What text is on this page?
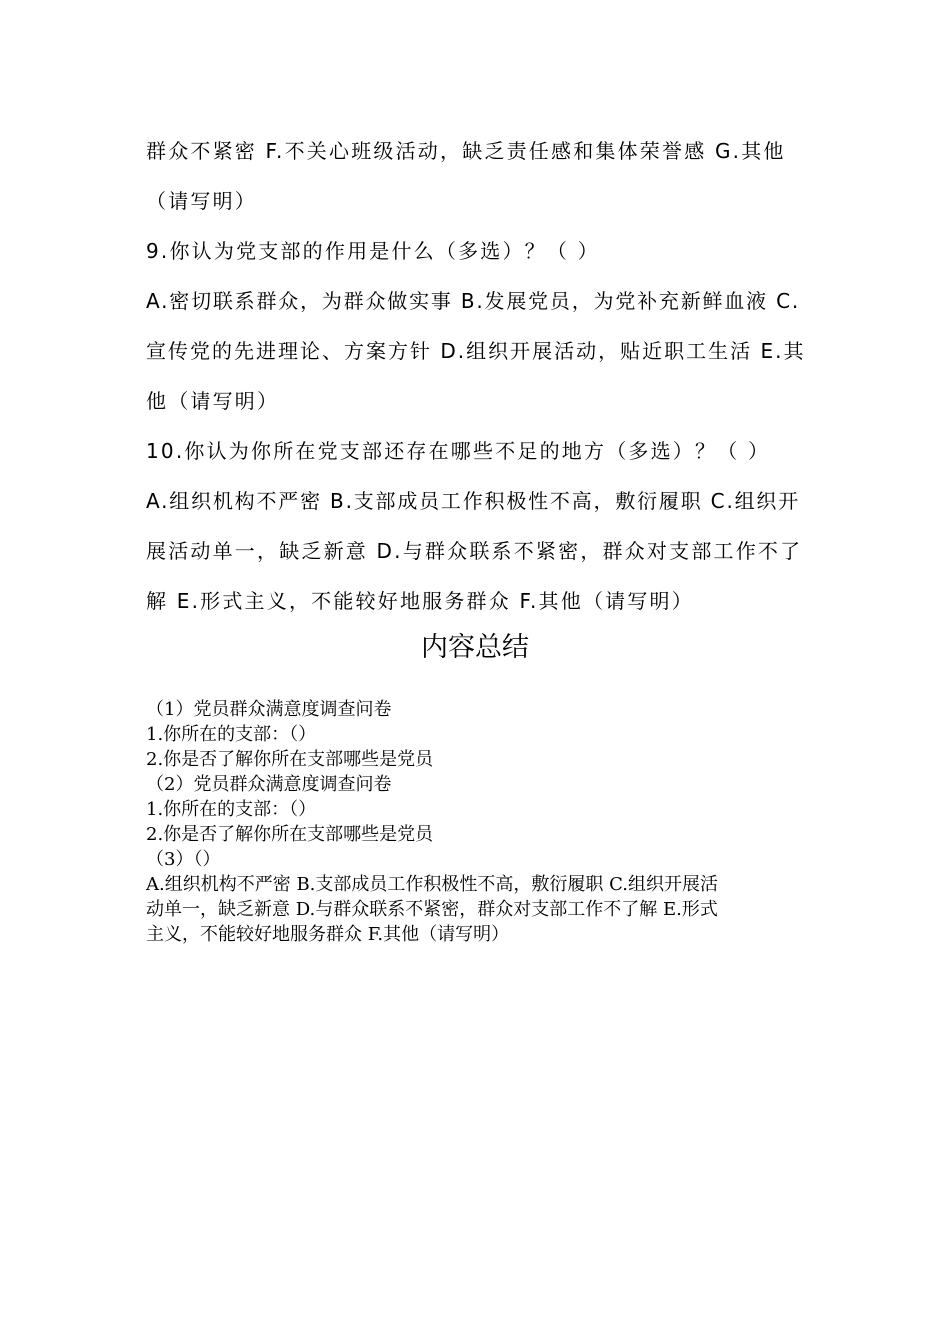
群众不紧密 F.不关心班级活动，缺乏责任感和集体荣誉感 G.其他
（请写明）
9.你认为党支部的作用是什么（多选）？（ ）
A.密切联系群众，为群众做实事 B.发展党员，为党补充新鲜血液 C.
宣传党的先进理论、方案方针 D.组织开展活动，贴近职工生活 E.其
他（请写明）
10.你认为你所在党支部还存在哪些不足的地方（多选）？（ ）
A.组织机构不严密 B.支部成员工作积极性不高，敷衍履职 C.组织开
展活动单一，缺乏新意 D.与群众联系不紧密，群众对支部工作不了
解 E.形式主义，不能较好地服务群众 F.其他（请写明）
内容总结
（1）党员群众满意度调查问卷
1.你所在的支部：（）
2.你是否了解你所在支部哪些是党员
（2）党员群众满意度调查问卷
1.你所在的支部：（）
2.你是否了解你所在支部哪些是党员
（3）（）
A.组织机构不严密 B.支部成员工作积极性不高，敷衍履职 C.组织开展活
动单一，缺乏新意 D.与群众联系不紧密，群众对支部工作不了解 E.形式
主义，不能较好地服务群众 F.其他（请写明）
